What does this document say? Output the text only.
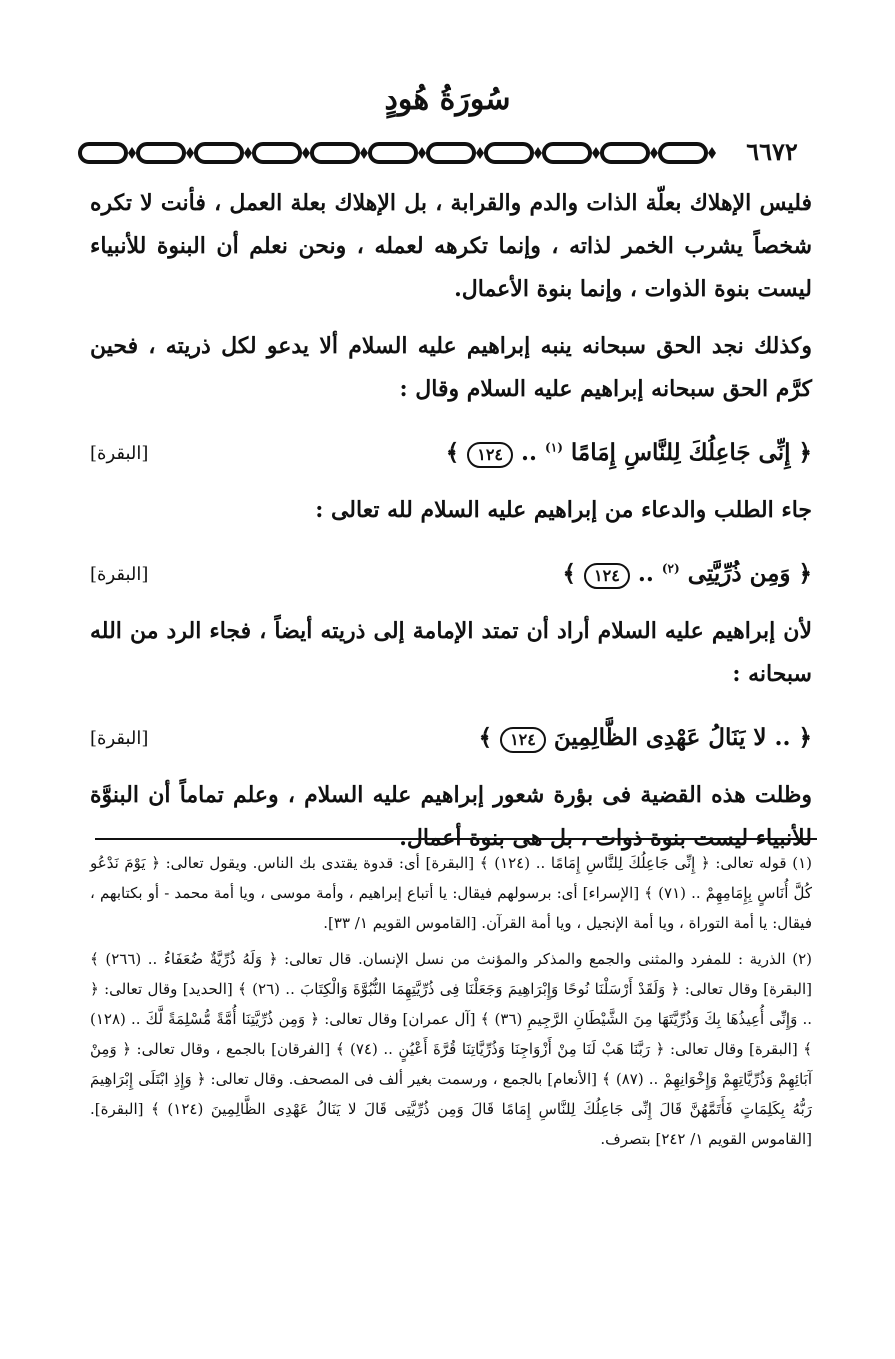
سُورَةُ هُودٍ
٦٦٧٢

فليس الإهلاك بعلّة الذات والدم والقرابة ، بل الإهلاك بعلة العمل ، فأنت لا تكره شخصاً يشرب الخمر لذاته ، وإنما تكرهه لعمله ، ونحن نعلم أن البنوة للأنبياء ليست بنوة الذوات ، وإنما بنوة الأعمال.

وكذلك نجد الحق سبحانه ينبه إبراهيم عليه السلام ألا يدعو لكل ذريته ، فحين كرَّم الحق سبحانه إبراهيم عليه السلام وقال :

﴿ إِنِّى جَاعِلُكَ لِلنَّاسِ إِمَامًا $^{(١)}$ .. ١٢٤ ﴾
[البقرة]

جاء الطلب والدعاء من إبراهيم عليه السلام لله تعالى :

﴿ وَمِن ذُرِّيَّتِى $^{(٢)}$ .. ١٢٤ ﴾
[البقرة]

لأن إبراهيم عليه السلام أراد أن تمتد الإمامة إلى ذريته أيضاً ، فجاء الرد من الله سبحانه :

﴿ .. لا يَنَالُ عَهْدِى الظَّالِمِينَ ١٢٤ ﴾
[البقرة]

وظلت هذه القضية فى بؤرة شعور إبراهيم عليه السلام ، وعلم تماماً أن البنوَّة للأنبياء ليست بنوة ذوات ، بل هى بنوة أعمال.

(١) قوله تعالى: ﴿ إِنِّى جَاعِلُكَ لِلنَّاسِ إِمَامًا .. (١٢٤) ﴾ [البقرة] أى: قدوة يقتدى بك الناس. ويقول تعالى: ﴿ يَوْمَ نَدْعُو كُلَّ أُنَاسٍ بِإِمَامِهِمْ .. (٧١) ﴾ [الإسراء] أى: برسولهم فيقال: يا أتباع إبراهيم ، وأمة موسى ، ويا أمة محمد - أو بكتابهم ، فيقال: يا أمة التوراة ، ويا أمة الإنجيل ، ويا أمة القرآن. [القاموس القويم ١/ ٣٣].

(٢) الذرية : للمفرد والمثنى والجمع والمذكر والمؤنث من نسل الإنسان. قال تعالى: ﴿ وَلَهُ ذُرِّيَّةٌ ضُعَفَاءُ .. (٢٦٦) ﴾ [البقرة] وقال تعالى: ﴿ وَلَقَدْ أَرْسَلْنَا نُوحًا وَإِبْرَاهِيمَ وَجَعَلْنَا فِى ذُرِّيَّتِهِمَا النُّبُوَّةَ وَالْكِتَابَ .. (٢٦) ﴾ [الحديد] وقال تعالى: ﴿ .. وَإِنِّى أُعِيذُهَا بِكَ وَذُرِّيَّتَهَا مِنَ الشَّيْطَانِ الرَّجِيمِ (٣٦) ﴾ [آل عمران] وقال تعالى: ﴿ وَمِن ذُرِّيَّتِنَا أُمَّةً مُّسْلِمَةً لَّكَ .. (١٢٨) ﴾ [البقرة] وقال تعالى: ﴿ رَبَّنَا هَبْ لَنَا مِنْ أَزْوَاجِنَا وَذُرِّيَّاتِنَا قُرَّةَ أَعْيُنٍ .. (٧٤) ﴾ [الفرقان] بالجمع ، وقال تعالى: ﴿ وَمِنْ آبَائِهِمْ وَذُرِّيَّاتِهِمْ وَإِخْوَانِهِمْ .. (٨٧) ﴾ [الأنعام] بالجمع ، ورسمت بغير ألف فى المصحف. وقال تعالى: ﴿ وَإِذِ ابْتَلَى إِبْرَاهِيمَ رَبُّهُ بِكَلِمَاتٍ فَأَتَمَّهُنَّ قَالَ إِنِّى جَاعِلُكَ لِلنَّاسِ إِمَامًا قَالَ وَمِن ذُرِّيَّتِى قَالَ لا يَنَالُ عَهْدِى الظَّالِمِينَ (١٢٤) ﴾ [البقرة]. [القاموس القويم ١/ ٢٤٢] بتصرف.
